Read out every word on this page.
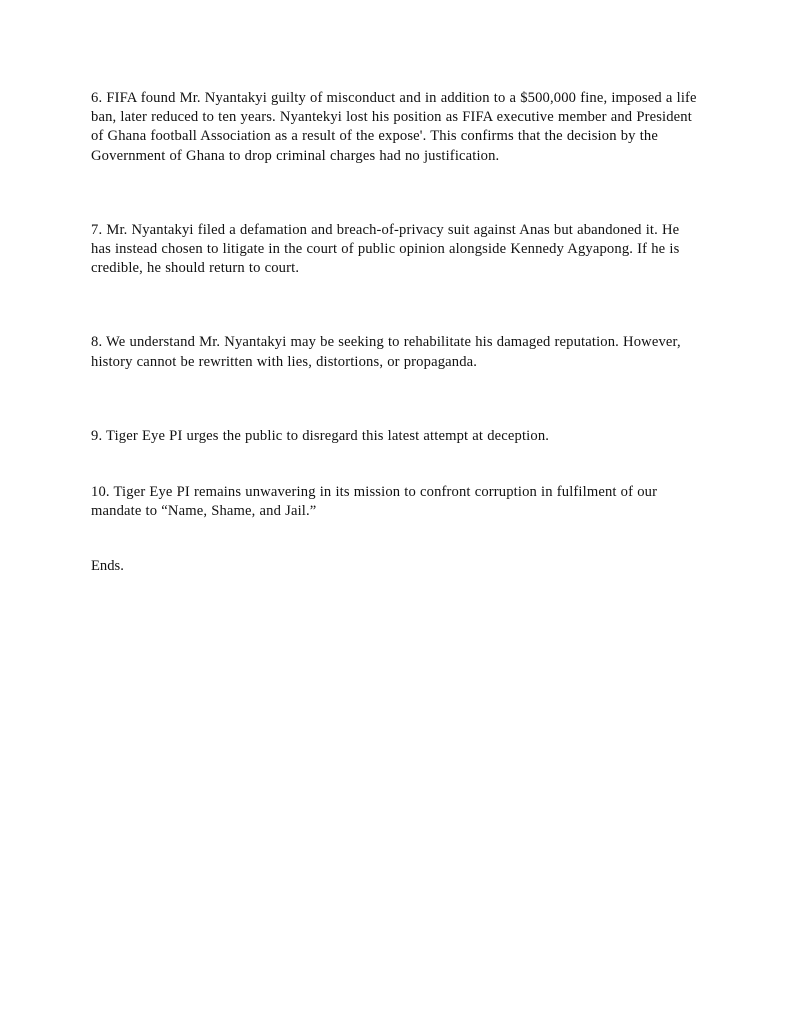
6. FIFA found Mr. Nyantakyi guilty of misconduct and in addition to a $500,000 fine, imposed a life ban, later reduced to ten years. Nyantekyi lost his position as FIFA executive member and President of Ghana football Association as a result of the expose'. This confirms that the decision by the Government of Ghana to drop criminal charges had no justification.

7. Mr. Nyantakyi filed a defamation and breach-of-privacy suit against Anas but abandoned it. He has instead chosen to litigate in the court of public opinion alongside Kennedy Agyapong. If he is credible, he should return to court.

8. We understand Mr. Nyantakyi may be seeking to rehabilitate his damaged reputation. However, history cannot be rewritten with lies, distortions, or propaganda.

9. Tiger Eye PI urges the public to disregard this latest attempt at deception.

10. Tiger Eye PI remains unwavering in its mission to confront corruption in fulfilment of our mandate to “Name, Shame, and Jail.”

Ends.
